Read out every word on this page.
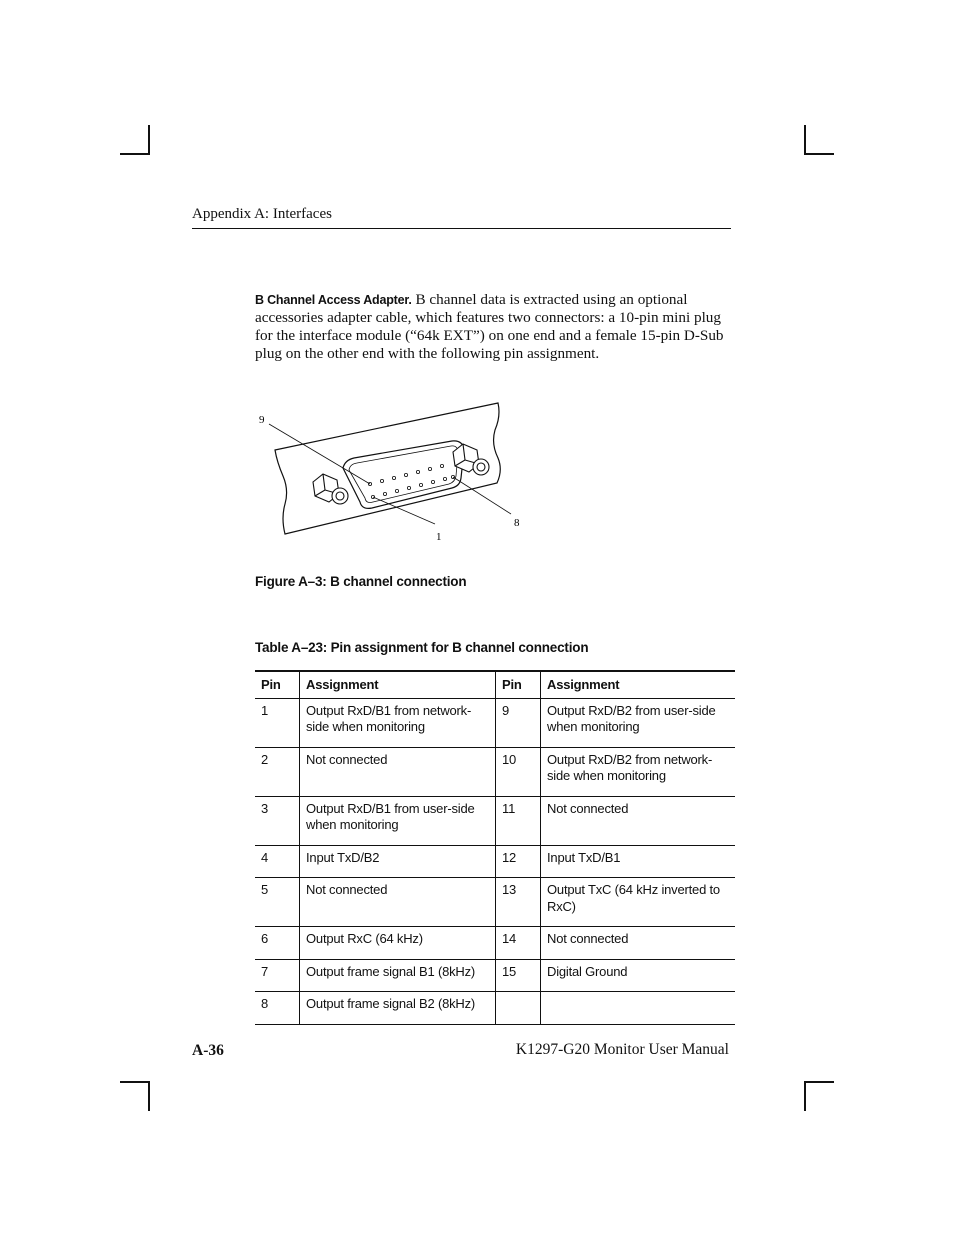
Appendix A: Interfaces

B Channel Access Adapter. B channel data is extracted using an optional accessories adapter cable, which features two connectors: a 10-pin mini plug for the interface module (“64k EXT”) on one end and a female 15-pin D-Sub plug on the other end with the following pin assignment.

9
1
8
Figure A–3: B channel connection
Table A–23: Pin assignment for B channel connection
Pin	Assignment	Pin	Assignment
1	Output RxD/B1 from network-side when monitoring	9	Output RxD/B2 from user-side when monitoring
2	Not connected	10	Output RxD/B2 from network-side when monitoring
3	Output RxD/B1 from user-side when monitoring	11	Not connected
4	Input TxD/B2	12	Input TxD/B1
5	Not connected	13	Output TxC (64 kHz inverted to RxC)
6	Output RxC (64 kHz)	14	Not connected
7	Output frame signal B1 (8kHz)	15	Digital Ground
8	Output frame signal B2 (8kHz)		
A-36	K1297-G20 Monitor User Manual
